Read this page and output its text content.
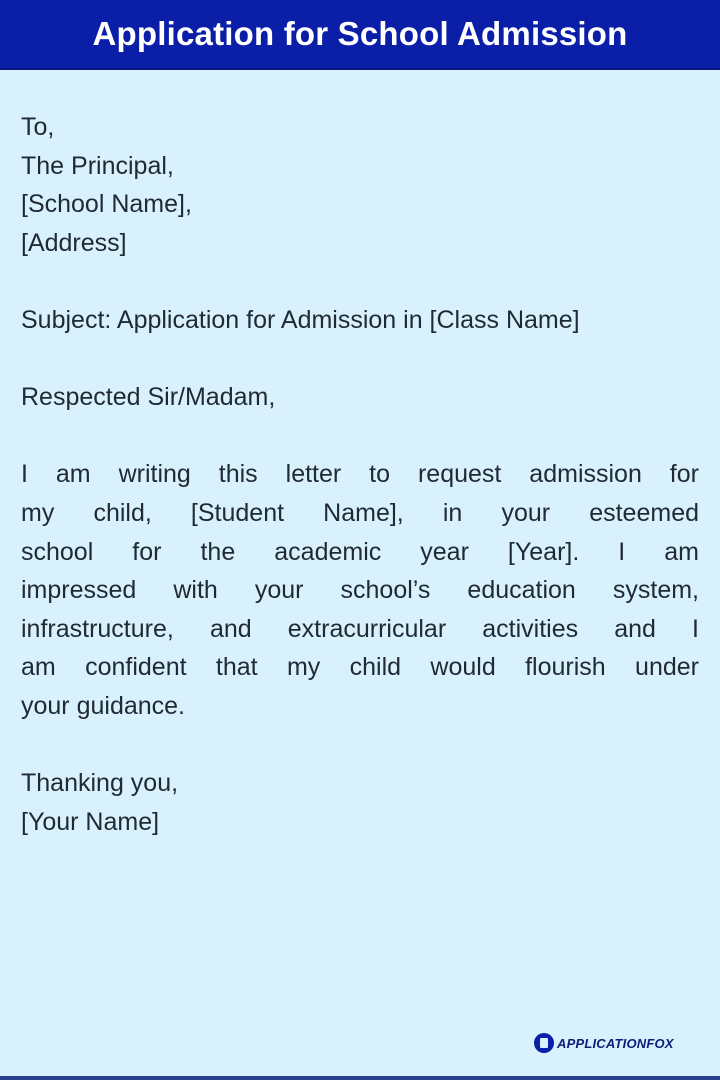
Application for School Admission
To,
The Principal,
[School Name],
[Address]
Subject: Application for Admission in [Class Name]
Respected Sir/Madam,
I am writing this letter to request admission for
my child, [Student Name], in your esteemed
school for the academic year [Year]. I am
impressed with your school’s education system,
infrastructure, and extracurricular activities and I
am confident that my child would flourish under
your guidance.
Thanking you,
[Your Name]
APPLICATIONFOX
